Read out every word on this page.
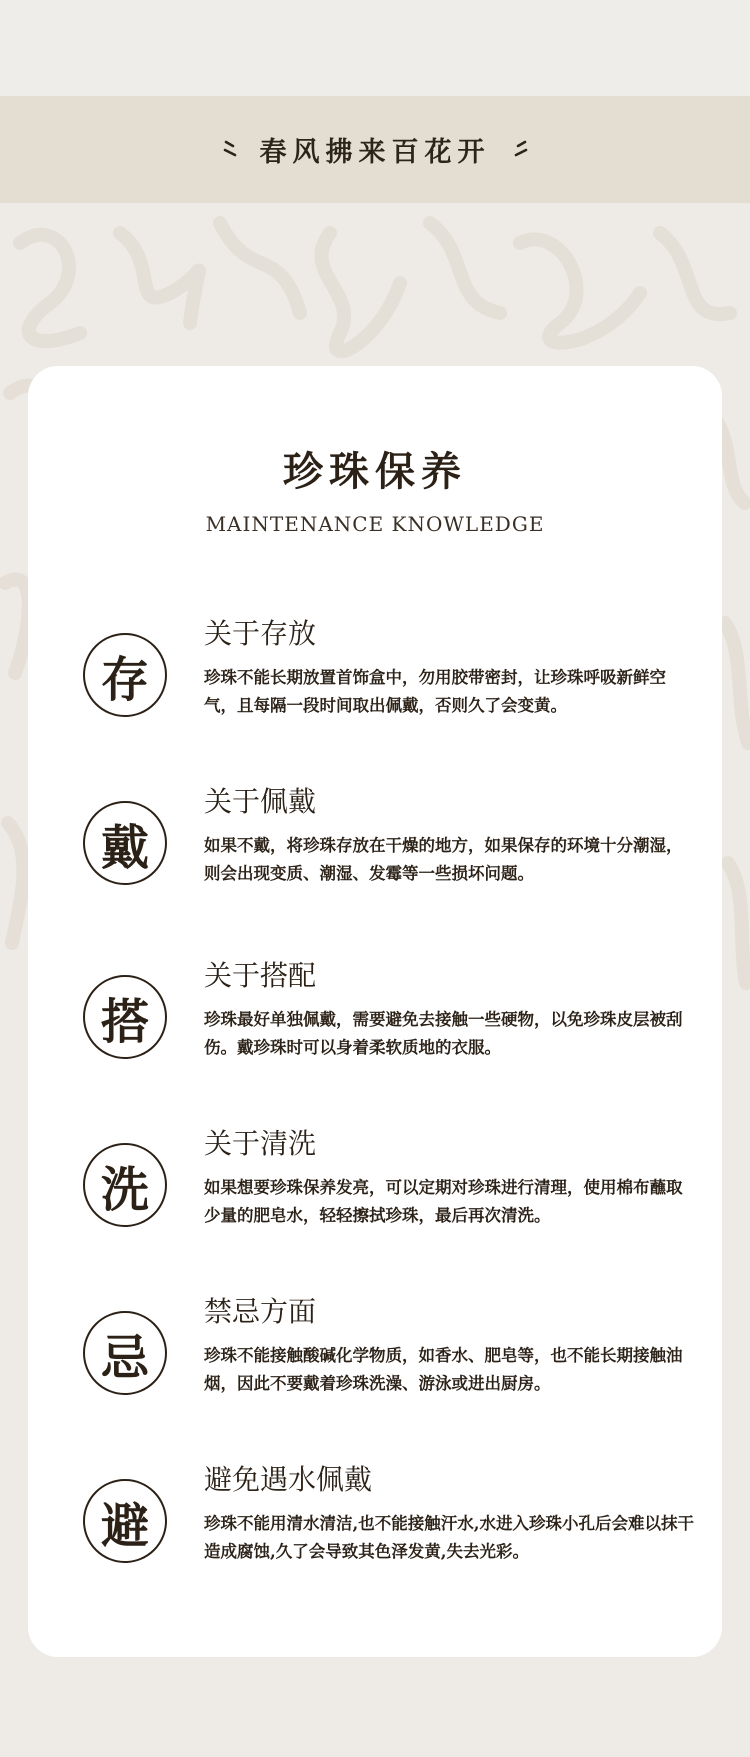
春风拂来百花开
珍珠保养
MAINTENANCE KNOWLEDGE
存
关于存放
珍珠不能长期放置首饰盒中，勿用胶带密封，让珍珠呼吸新鲜空气，且每隔一段时间取出佩戴，否则久了会变黄。
戴
关于佩戴
如果不戴，将珍珠存放在干燥的地方，如果保存的环境十分潮湿，则会出现变质、潮湿、发霉等一些损坏问题。
搭
关于搭配
珍珠最好单独佩戴，需要避免去接触一些硬物，以免珍珠皮层被刮伤。戴珍珠时可以身着柔软质地的衣服。
洗
关于清洗
如果想要珍珠保养发亮，可以定期对珍珠进行清理，使用棉布蘸取少量的肥皂水，轻轻擦拭珍珠，最后再次清洗。
忌
禁忌方面
珍珠不能接触酸碱化学物质，如香水、肥皂等，也不能长期接触油烟，因此不要戴着珍珠洗澡、游泳或进出厨房。
避
避免遇水佩戴
珍珠不能用清水清洁,也不能接触汗水,水进入珍珠小孔后会难以抹干造成腐蚀,久了会导致其色泽发黄,失去光彩。
